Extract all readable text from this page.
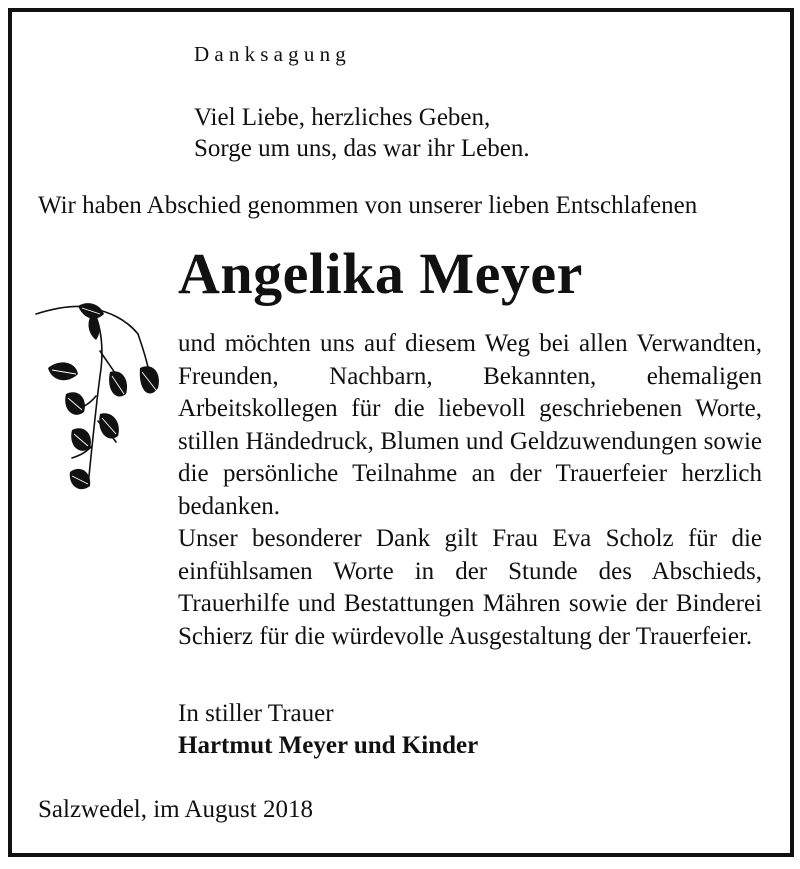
Danksagung
Viel Liebe, herzliches Geben,
Sorge um uns, das war ihr Leben.
Wir haben Abschied genommen von unserer lieben Entschlafenen
Angelika Meyer

und möchten uns auf diesem Weg bei allen Verwandten, Freunden, Nachbarn, Bekannten, ehemaligen Arbeitskollegen für die liebevoll geschriebenen Worte, stillen Händedruck, Blumen und Geldzuwendungen sowie die persönliche Teilnahme an der Trauerfeier herzlich bedanken.

Unser besonderer Dank gilt Frau Eva Scholz für die einfühlsamen Worte in der Stunde des Abschieds, Trauerhilfe und Bestattungen Mähren sowie der Binderei Schierz für die würdevolle Ausgestaltung der Trauerfeier.

In stiller Trauer
Hartmut Meyer und Kinder
Salzwedel, im August 2018
